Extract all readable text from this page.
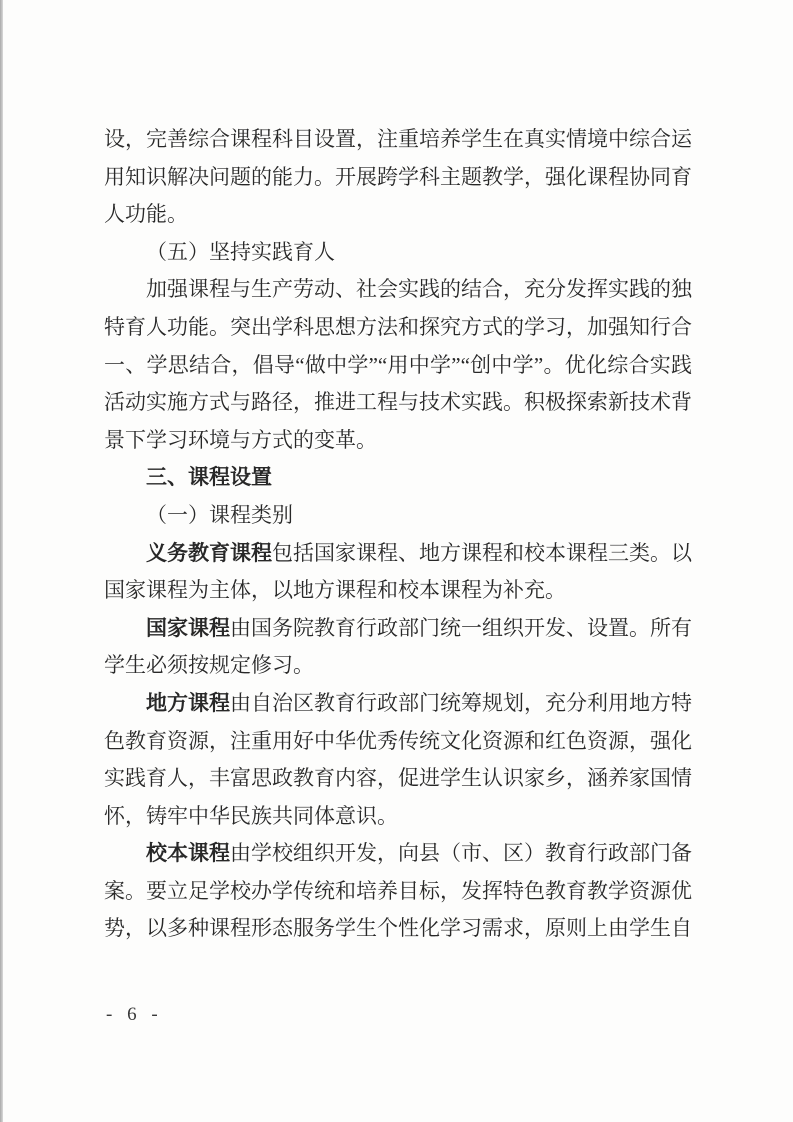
设，完善综合课程科目设置，注重培养学生在真实情境中综合运用知识解决问题的能力。开展跨学科主题教学，强化课程协同育人功能。

（五）坚持实践育人

加强课程与生产劳动、社会实践的结合，充分发挥实践的独特育人功能。突出学科思想方法和探究方式的学习，加强知行合一、学思结合，倡导“做中学”“用中学”“创中学”。优化综合实践活动实施方式与路径，推进工程与技术实践。积极探索新技术背景下学习环境与方式的变革。

三、课程设置

（一）课程类别

义务教育课程包括国家课程、地方课程和校本课程三类。以国家课程为主体，以地方课程和校本课程为补充。

国家课程由国务院教育行政部门统一组织开发、设置。所有学生必须按规定修习。

地方课程由自治区教育行政部门统筹规划，充分利用地方特色教育资源，注重用好中华优秀传统文化资源和红色资源，强化实践育人，丰富思政教育内容，促进学生认识家乡，涵养家国情怀，铸牢中华民族共同体意识。

校本课程由学校组织开发，向县（市、区）教育行政部门备案。要立足学校办学传统和培养目标，发挥特色教育教学资源优势，以多种课程形态服务学生个性化学习需求，原则上由学生自

- 6 -
